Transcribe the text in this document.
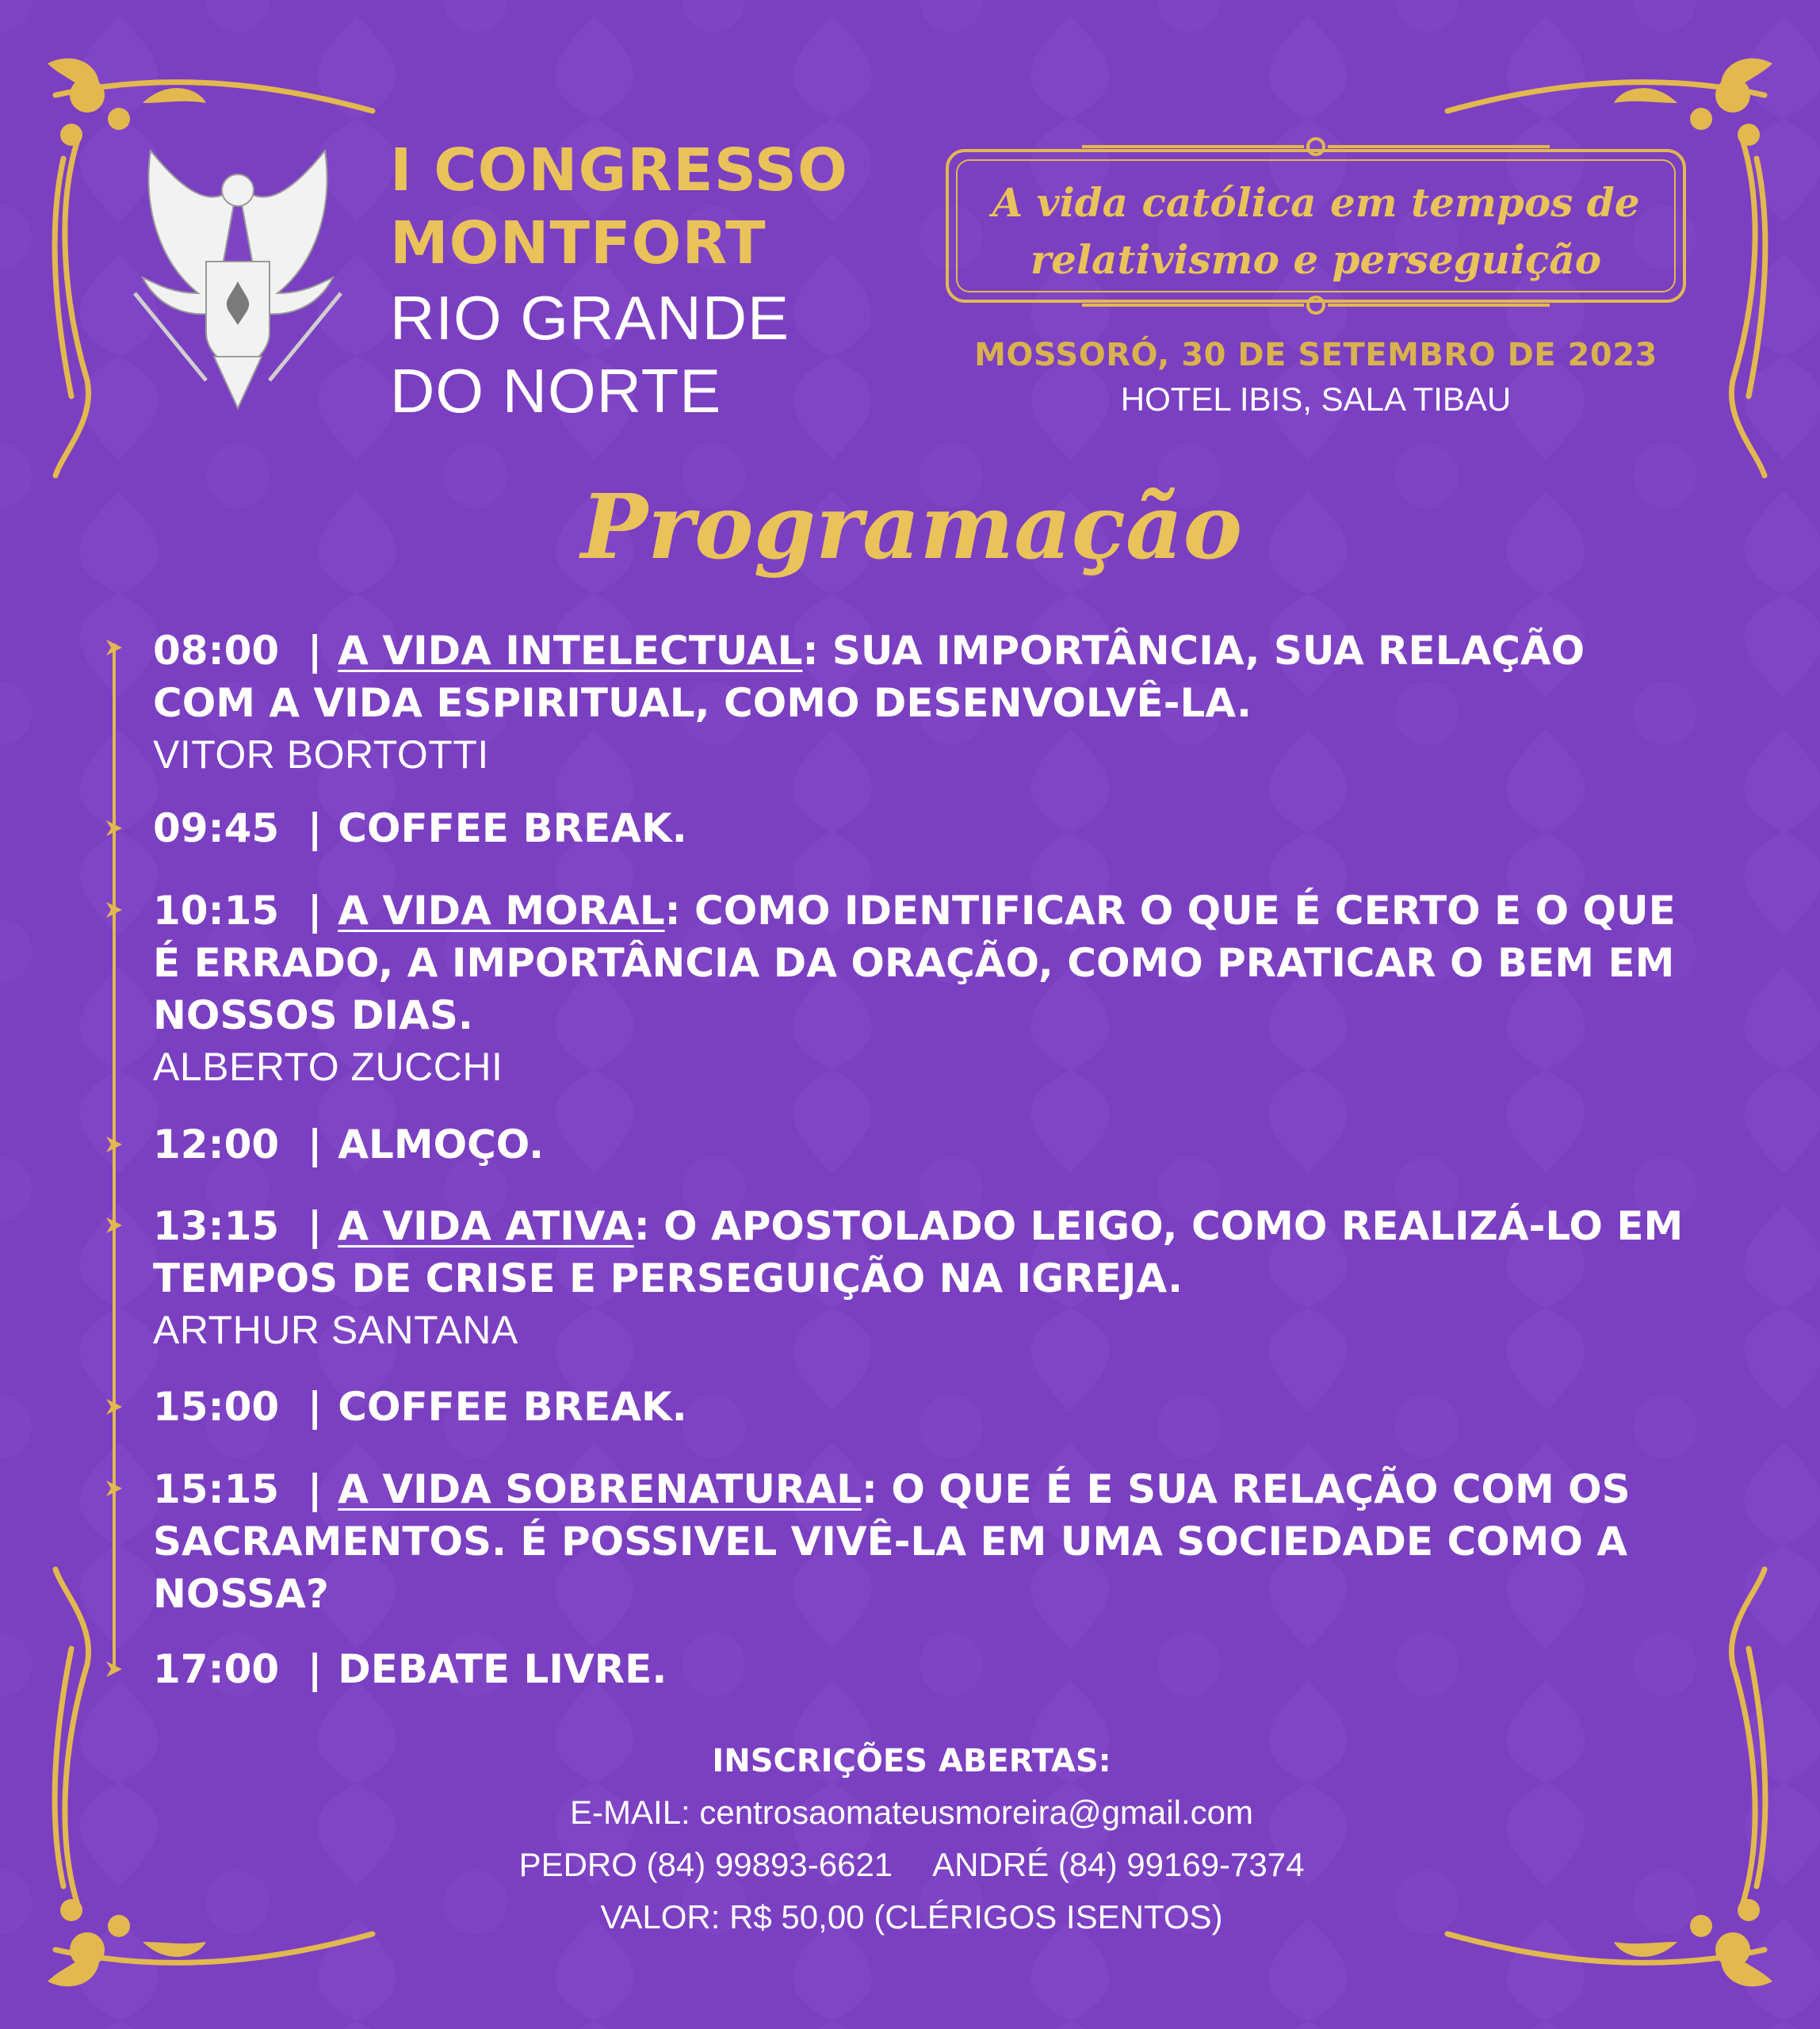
I CONGRESSO
MONTFORT
RIO GRANDE
DO NORTE
A vida católica em tempos de
relativismo e perseguição
MOSSORÓ, 30 DE SETEMBRO DE 2023
HOTEL IBIS, SALA TIBAU
Programação
08:00 | A VIDA INTELECTUAL: SUA IMPORTÂNCIA, SUA RELAÇÃO COM A VIDA ESPIRITUAL, COMO DESENVOLVÊ-LA.
VITOR BORTOTTI
09:45 | COFFEE BREAK.
10:15 | A VIDA MORAL: COMO IDENTIFICAR O QUE É CERTO E O QUE É ERRADO, A IMPORTÂNCIA DA ORAÇÃO, COMO PRATICAR O BEM EM NOSSOS DIAS.
ALBERTO ZUCCHI
12:00 | ALMOÇO.
13:15 | A VIDA ATIVA: O APOSTOLADO LEIGO, COMO REALIZÁ-LO EM TEMPOS DE CRISE E PERSEGUIÇÃO NA IGREJA.
ARTHUR SANTANA
15:00 | COFFEE BREAK.
15:15 | A VIDA SOBRENATURAL: O QUE É E SUA RELAÇÃO COM OS SACRAMENTOS. É POSSIVEL VIVÊ-LA EM UMA SOCIEDADE COMO A NOSSA?
17:00 | DEBATE LIVRE.
INSCRIÇÕES ABERTAS:
E-MAIL: centrosaomateusmoreira@gmail.com
PEDRO (84) 99893-6621 ANDRÉ (84) 99169-7374
VALOR: R$ 50,00 (CLÉRIGOS ISENTOS)
